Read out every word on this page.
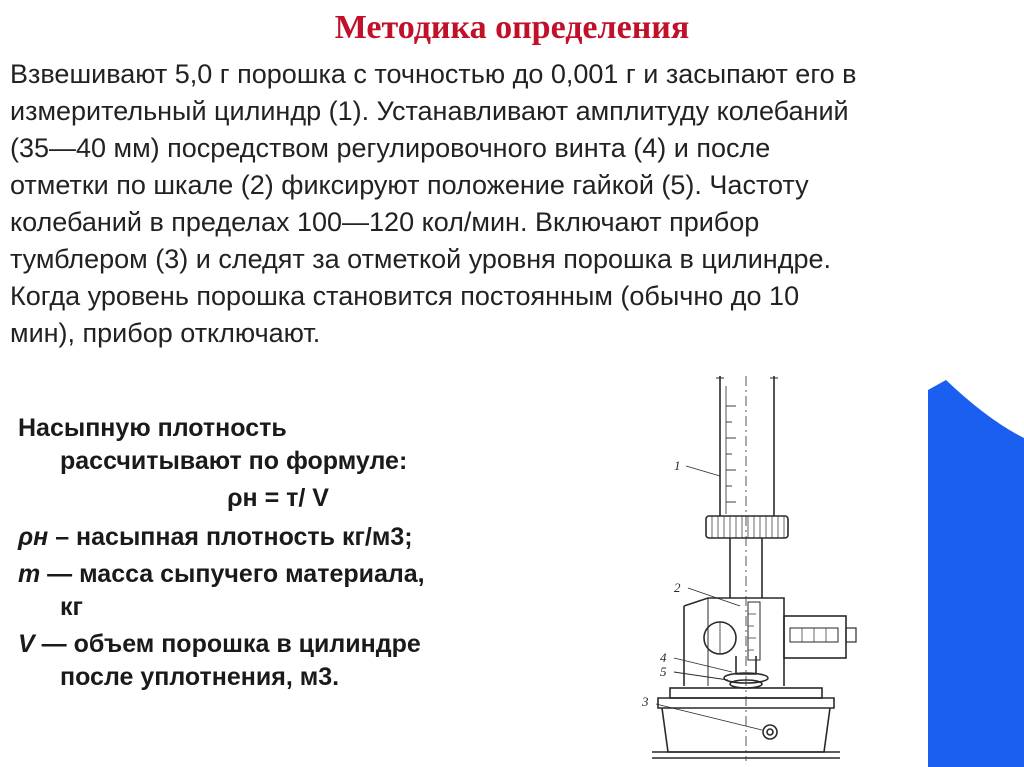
Методика определения
Взвешивают 5,0 г порошка с точностью до 0,001 г и засыпают его в
измерительный цилиндр (1). Устанавливают амплитуду колебаний
(35—40 мм) посредством регулировочного винта (4) и после
отметки по шкале (2) фиксируют положение гайкой (5). Частоту
колебаний в пределах 100—120 кол/мин. Включают прибор
тумблером (3) и следят за отметкой уровня порошка в цилиндре.
Когда уровень порошка становится постоянным (обычно до 10
мин), прибор отключают.

Насыпную плотность

рассчитывают по формуле:

ρн = т/ V

ρн – насыпная плотность кг/м3;

т — масса сыпучего материала,
кг

V — объем порошка в цилиндре
после уплотнения, м3.

1
2
4
5
3
